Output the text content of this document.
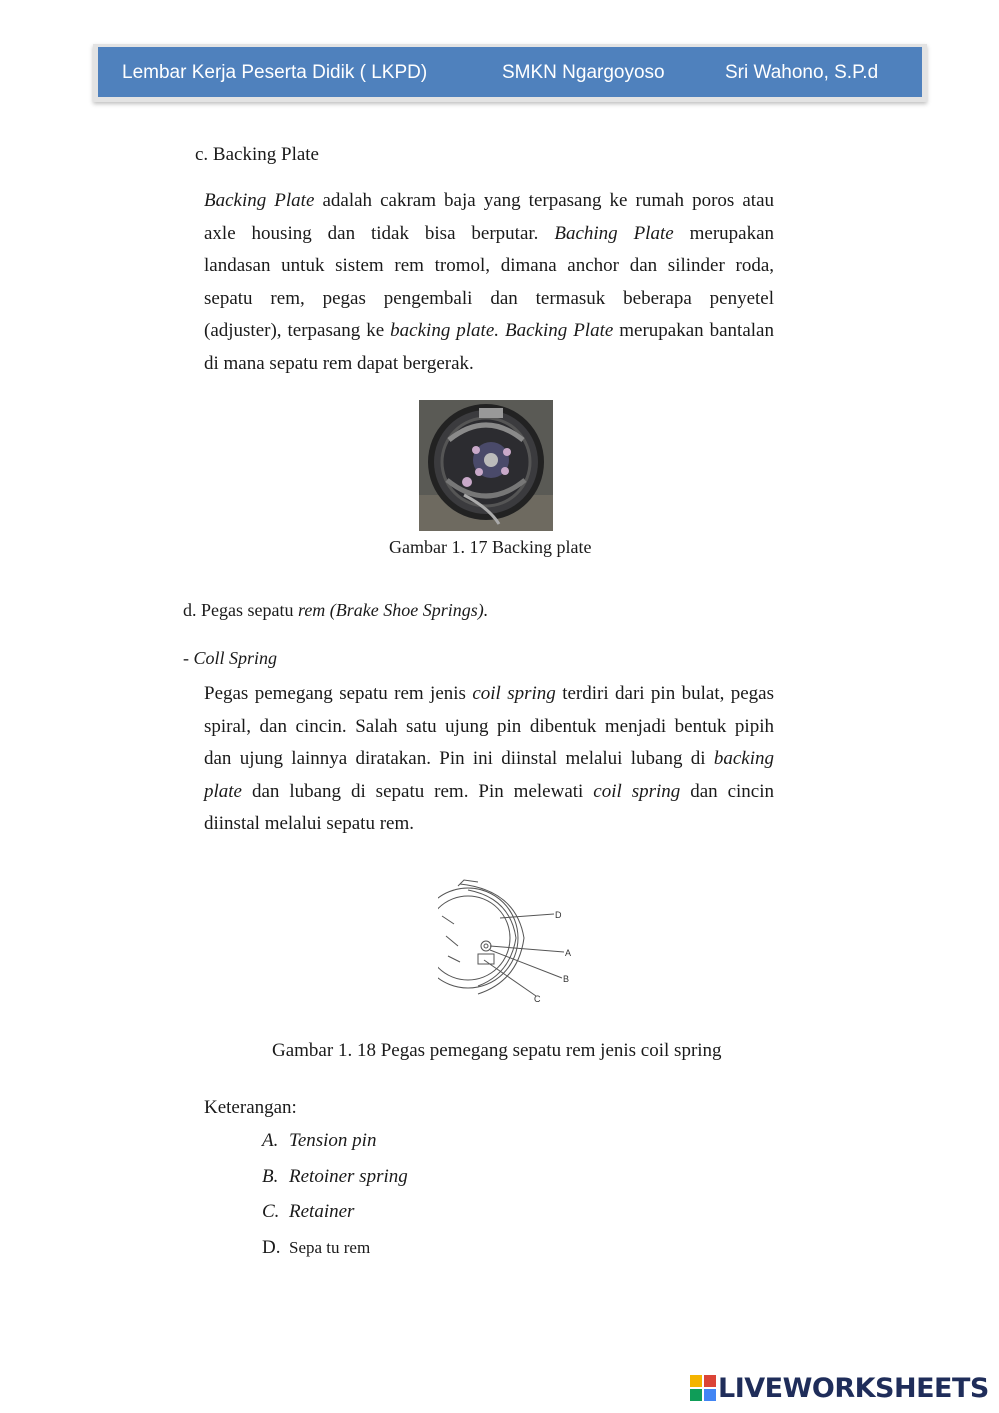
Lembar Kerja Peserta Didik ( LKPD)	SMKN Ngargoyoso	Sri Wahono, S.P.d
c. Backing Plate
Backing Plate adalah cakram baja yang terpasang ke rumah poros atau
axle housing dan tidak bisa berputar. Baching Plate merupakan
landasan untuk sistem rem tromol, dimana anchor dan silinder roda,
sepatu rem, pegas pengembali dan termasuk beberapa penyetel
(adjuster), terpasang ke backing plate. Backing Plate merupakan bantalan
di mana sepatu rem dapat bergerak.
Gambar 1. 17 Backing plate
d. Pegas sepatu rem (Brake Shoe Springs).
- Coll Spring
Pegas pemegang sepatu rem jenis coil spring terdiri dari pin bulat, pegas
spiral, dan cincin. Salah satu ujung pin dibentuk menjadi bentuk pipih
dan ujung lainnya diratakan. Pin ini diinstal melalui lubang di backing
plate dan lubang di sepatu rem. Pin melewati coil spring dan cincin
diinstal melalui sepatu rem.
D
A
B
C
Gambar 1. 18 Pegas pemegang sepatu rem jenis coil spring
Keterangan:
A. Tension pin
B. Retoiner spring
C. Retainer
D. Sepa tu rem
LIVEWORKSHEETS
